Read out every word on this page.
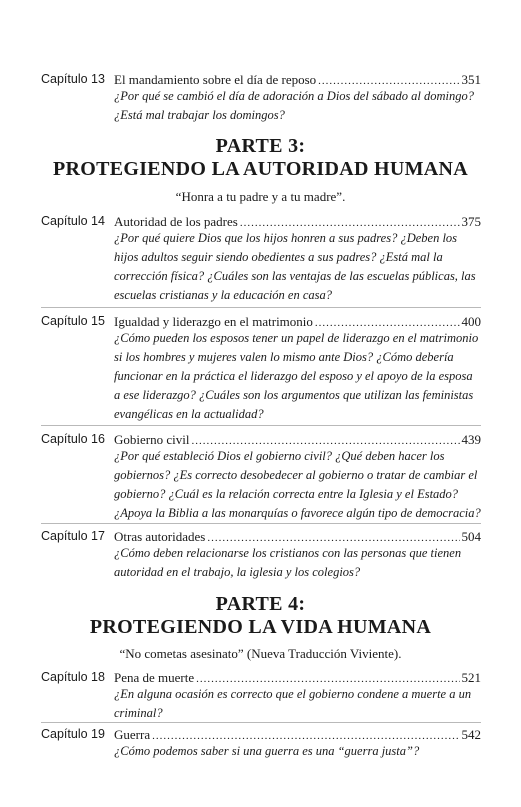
Capítulo 13 El mandamiento sobre el día de reposo .....	351

¿Por qué se cambió el día de adoración a Dios del sábado al domingo? ¿Está mal trabajar los domingos?

PARTE 3:

PROTEGIENDO LA AUTORIDAD HUMANA

“Honra a tu padre y a tu madre”.

Capítulo 14 Autoridad de los padres .....	375

¿Por qué quiere Dios que los hijos honren a sus padres? ¿Deben los hijos adultos seguir siendo obedientes a sus padres? ¿Está mal la corrección física? ¿Cuáles son las ventajas de las escuelas públicas, las escuelas cristianas y la educación en casa?

Capítulo 15 Igualdad y liderazgo en el matrimonio .....	400

¿Cómo pueden los esposos tener un papel de liderazgo en el matrimonio si los hombres y mujeres valen lo mismo ante Dios? ¿Cómo debería funcionar en la práctica el liderazgo del esposo y el apoyo de la esposa a ese liderazgo? ¿Cuáles son los argumentos que utilizan las feministas evangélicas en la actualidad?

Capítulo 16 Gobierno civil .....	439

¿Por qué estableció Dios el gobierno civil? ¿Qué deben hacer los gobiernos? ¿Es correcto desobedecer al gobierno o tratar de cambiar el gobierno? ¿Cuál es la relación correcta entre la Iglesia y el Estado? ¿Apoya la Biblia a las monarquías o favorece algún tipo de democracia?

Capítulo 17 Otras autoridades .....	504

¿Cómo deben relacionarse los cristianos con las personas que tienen autoridad en el trabajo, la iglesia y los colegios?

PARTE 4:

PROTEGIENDO LA VIDA HUMANA

“No cometas asesinato” (Nueva Traducción Viviente).

Capítulo 18 Pena de muerte .....	521

¿En alguna ocasión es correcto que el gobierno condene a muerte a un criminal?

Capítulo 19 Guerra .....	542

¿Cómo podemos saber si una guerra es una “guerra justa”?
